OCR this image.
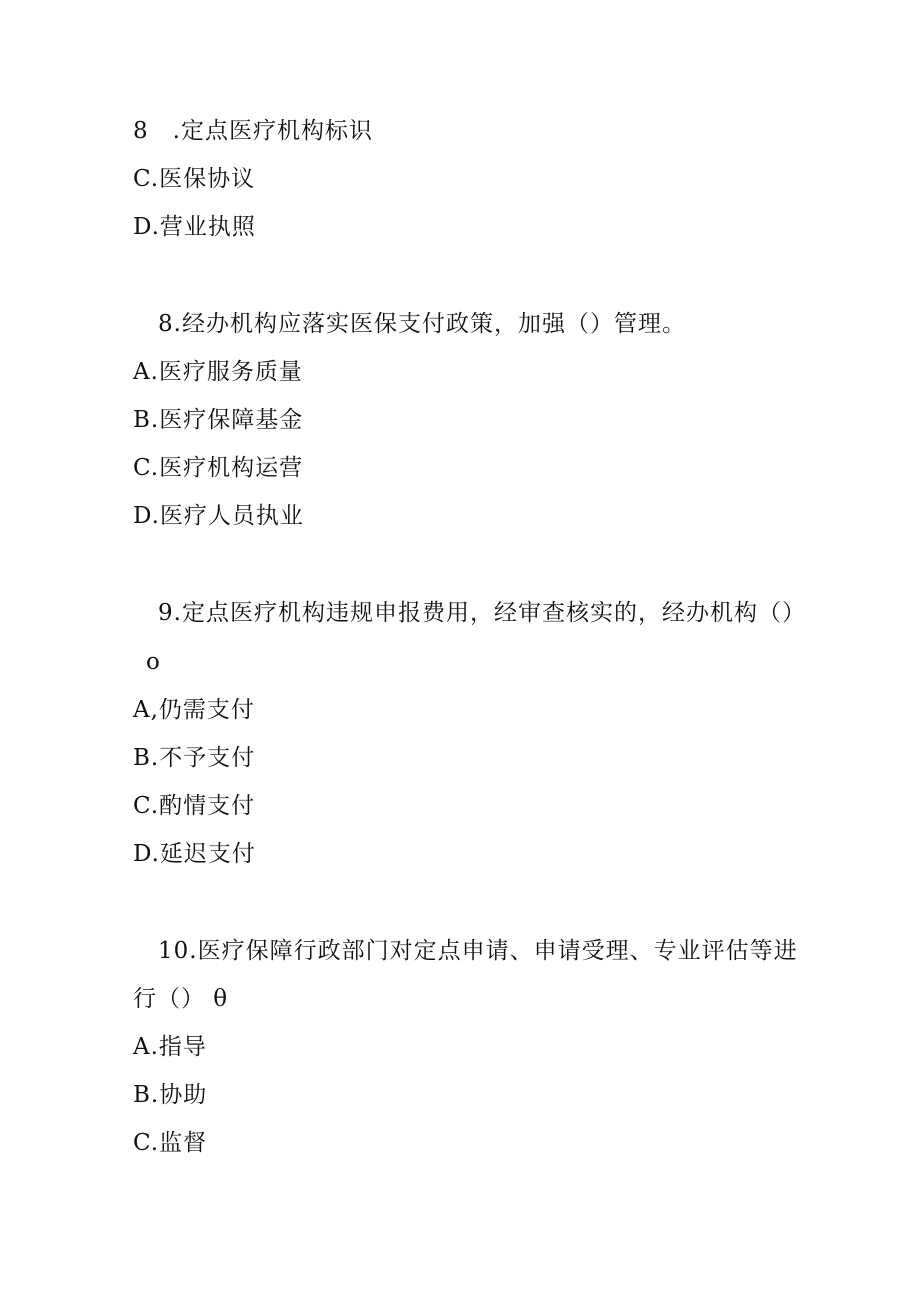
8　.定点医疗机构标识
C.医保协议
D.营业执照
8.经办机构应落实医保支付政策，加强（）管理。
A.医疗服务质量
B.医疗保障基金
C.医疗机构运营
D.医疗人员执业
9.定点医疗机构违规申报费用，经审查核实的，经办机构（）
o
A,仍需支付
B.不予支付
C.酌情支付
D.延迟支付
10.医疗保障行政部门对定点申请、申请受理、专业评估等进
行（） θ
A.指导
B.协助
C.监督
